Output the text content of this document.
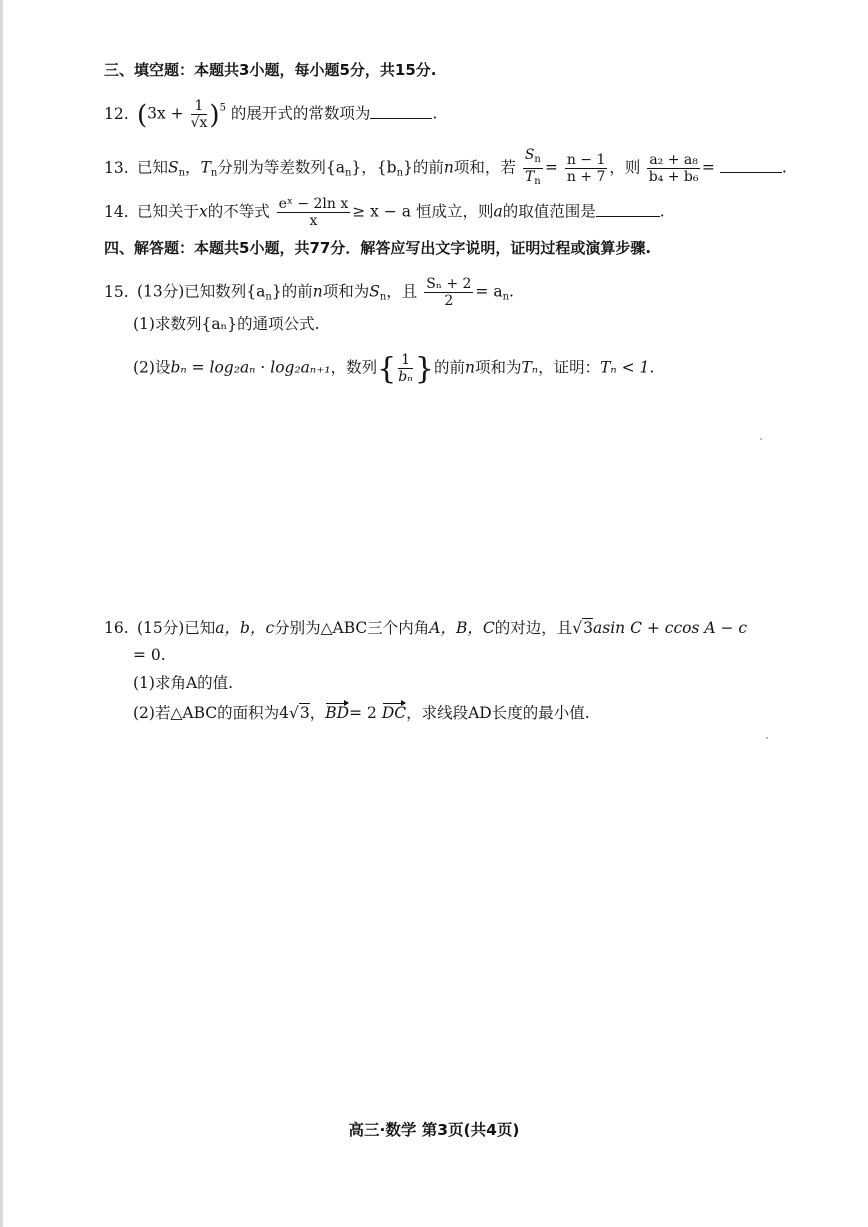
三、填空题：本题共3小题，每小题5分，共15分.
12. $(3x + \frac{1}{√x} )^5$ 的展开式的常数项为	.
13. 已知$S_n$，$T_n$分别为等差数列$\{a_n\}$，$\{b_n\}$的前n项和，若 $\frac{S_n}{T_n} = \frac{n - 1}{n + 7}$ ，则 $\frac{\text{a₂ + a₈}}{\text{b₄ + b₆}}$ =	.
14. 已知关于x的不等式 $\frac{\text{eˣ − 2ln x}}{x} \ge x - a$ 恒成立，则a的取值范围是	.
四、解答题：本题共5小题，共77分．解答应写出文字说明，证明过程或演算步骤.
15. (13分)已知数列$\{a_n\}$的前n项和为$S_n$，且 $\frac{\text{Sₙ + 2}}{2} = a_n$.
(1)求数列{aₙ}的通项公式.
(2)设bₙ = log₂aₙ · log₂aₙ₊₁，数列{ $\frac{1}{\text{bₙ}}$ }的前n项和为Tₙ，证明：Tₙ < 1.
16. (15分)已知a，b，c分别为△ABC三个内角A，B，C的对边，且√3asin C + ccos A − c
= 0.
(1)求角A的值.
(2)若△ABC的面积为4√3，BD= 2 DC，求线段AD长度的最小值.
高三·数学 第3页(共4页)
